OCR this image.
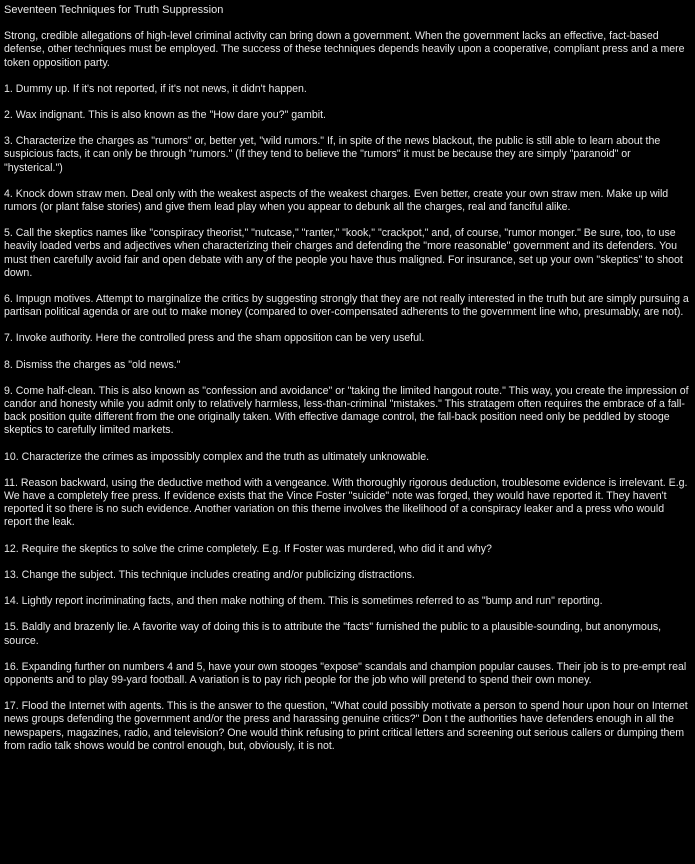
Seventeen Techniques for Truth Suppression

Strong, credible allegations of high-level criminal activity can bring down a government. When the government lacks an effective, fact-based defense, other techniques must be employed. The success of these techniques depends heavily upon a cooperative, compliant press and a mere token opposition party.

1. Dummy up. If it's not reported, if it's not news, it didn't happen.

2. Wax indignant. This is also known as the "How dare you?" gambit.

3. Characterize the charges as "rumors" or, better yet, "wild rumors." If, in spite of the news blackout, the public is still able to learn about the suspicious facts, it can only be through "rumors." (If they tend to believe the "rumors" it must be because they are simply "paranoid" or "hysterical.")

4. Knock down straw men. Deal only with the weakest aspects of the weakest charges. Even better, create your own straw men. Make up wild rumors (or plant false stories) and give them lead play when you appear to debunk all the charges, real and fanciful alike.

5. Call the skeptics names like "conspiracy theorist," "nutcase," "ranter," "kook," "crackpot," and, of course, "rumor monger." Be sure, too, to use heavily loaded verbs and adjectives when characterizing their charges and defending the "more reasonable" government and its defenders. You must then carefully avoid fair and open debate with any of the people you have thus maligned. For insurance, set up your own "skeptics" to shoot down.

6. Impugn motives. Attempt to marginalize the critics by suggesting strongly that they are not really interested in the truth but are simply pursuing a partisan political agenda or are out to make money (compared to over-compensated adherents to the government line who, presumably, are not).

7. Invoke authority. Here the controlled press and the sham opposition can be very useful.

8. Dismiss the charges as "old news."

9. Come half-clean. This is also known as "confession and avoidance" or "taking the limited hangout route." This way, you create the impression of candor and honesty while you admit only to relatively harmless, less-than-criminal "mistakes." This stratagem often requires the embrace of a fall-back position quite different from the one originally taken. With effective damage control, the fall-back position need only be peddled by stooge skeptics to carefully limited markets.

10. Characterize the crimes as impossibly complex and the truth as ultimately unknowable.

11. Reason backward, using the deductive method with a vengeance. With thoroughly rigorous deduction, troublesome evidence is irrelevant. E.g. We have a completely free press. If evidence exists that the Vince Foster "suicide" note was forged, they would have reported it. They haven't reported it so there is no such evidence. Another variation on this theme involves the likelihood of a conspiracy leaker and a press who would report the leak.

12. Require the skeptics to solve the crime completely. E.g. If Foster was murdered, who did it and why?

13. Change the subject. This technique includes creating and/or publicizing distractions.

14. Lightly report incriminating facts, and then make nothing of them. This is sometimes referred to as "bump and run" reporting.

15. Baldly and brazenly lie. A favorite way of doing this is to attribute the "facts" furnished the public to a plausible-sounding, but anonymous, source.

16. Expanding further on numbers 4 and 5, have your own stooges "expose" scandals and champion popular causes. Their job is to pre-empt real opponents and to play 99-yard football. A variation is to pay rich people for the job who will pretend to spend their own money.

17. Flood the Internet with agents. This is the answer to the question, "What could possibly motivate a person to spend hour upon hour on Internet news groups defending the government and/or the press and harassing genuine critics?" Don t the authorities have defenders enough in all the newspapers, magazines, radio, and television? One would think refusing to print critical letters and screening out serious callers or dumping them from radio talk shows would be control enough, but, obviously, it is not.
